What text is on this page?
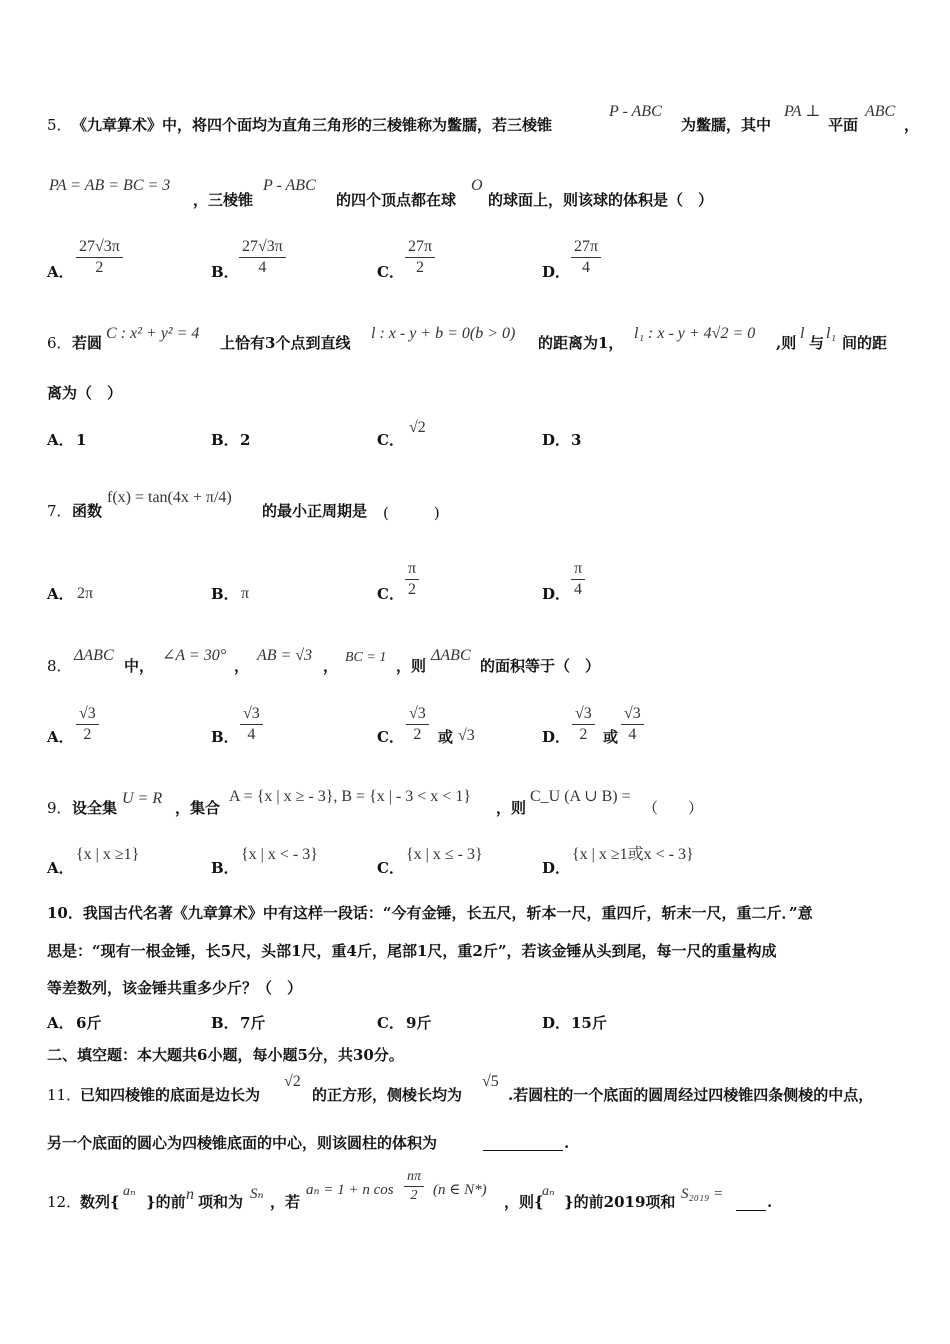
5． 《九章算术》中，将四个面均为直角三角形的三棱锥称为鳖臑，若三棱锥
P - ABC
为鳖臑，其中
PA ⊥
平面
ABC
，
PA = AB = BC = 3
，三棱锥
P - ABC
的四个顶点都在球
O
的球面上，则该球的体积是（　）
A． $\frac{27√3\pi}{2}$	B． $\frac{27√3\pi}{4}$	C． $\frac{27\pi}{2}$	D． $\frac{27\pi}{4}$
6． 若圆
C : x² + y² = 4
上恰有3个点到直线
l : x - y + b = 0(b > 0)
的距离为1，
l₁ : x - y + 4√2 = 0
,则
l
与
l₁
间的距
离为（　）
A． 1	B． 2	C．
√2
D． 3
7． 函数
f(x) = tan(4x + π/4)
的最小正周期是 (　　　)
A． 2π	B． π	C． $\frac{\pi}{2}$	D． $\frac{\pi}{4}$
8．
ΔABC
中，
∠A = 30°
，
AB = √3
， BC = 1 ，则
ΔABC
的面积等于（　）
A． $\frac{√3}{2}$	B． $\frac{√3}{4}$	C． $\frac{√3}{2}$ 或 √3	D． $\frac{√3}{2}$ 或 $\frac{√3}{4}$
9． 设全集
U = R
，集合
A = {x | x ≥ - 3}, B = {x | - 3 < x < 1}
，则
C_U (A ∪ B) =
（　　）
A．
{x | x ≥1}
B．
{x | x < - 3}
C．
{x | x ≤ - 3}
D．
{x | x ≥1或x < - 3}
10．我国古代名著《九章算术》中有这样一段话：“今有金锤，长五尺，斩本一尺，重四斤，斩末一尺，重二斤．”意
思是：“现有一根金锤，长5尺，头部1尺，重4斤，尾部1尺，重2斤”，若该金锤从头到尾，每一尺的重量构成
等差数列，该金锤共重多少斤？（　）
A． 6斤	B． 7斤	C． 9斤	D． 15斤
二、填空题：本大题共6小题，每小题5分，共30分。
11．
已知四棱锥的底面是边长为
√2
的正方形，侧棱长均为
√5
.若圆柱的一个底面的圆周经过四棱锥四条侧棱的中点，
另一个底面的圆心为四棱锥底面的中心，则该圆柱的体积为	.
12．
数列{
aₙ
}的前 n 项和为 Sₙ ，若
aₙ = 1 + n $\cos \frac{n\pi}{2} (n$ ∈ N*)
，则{
aₙ
}的前2019项和 S₂₀₁₉ =	.
